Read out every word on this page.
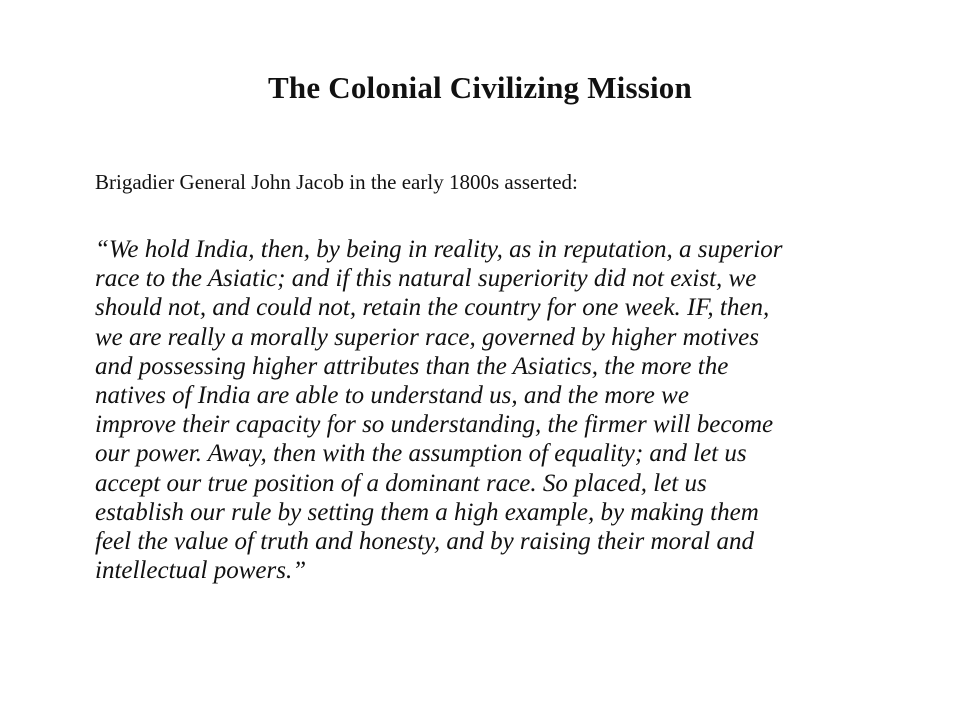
The Colonial Civilizing Mission

Brigadier General John Jacob in the early 1800s asserted:

“We hold India, then, by being in reality, as in reputation, a superior
race to the Asiatic; and if this natural superiority did not exist, we
should not, and could not, retain the country for one week. IF, then,
we are really a morally superior race, governed by higher motives
and possessing higher attributes than the Asiatics, the more the
natives of India are able to understand us, and the more we
improve their capacity for so understanding, the firmer will become
our power. Away, then with the assumption of equality; and let us
accept our true position of a dominant race. So placed, let us
establish our rule by setting them a high example, by making them
feel the value of truth and honesty, and by raising their moral and
intellectual powers.”
